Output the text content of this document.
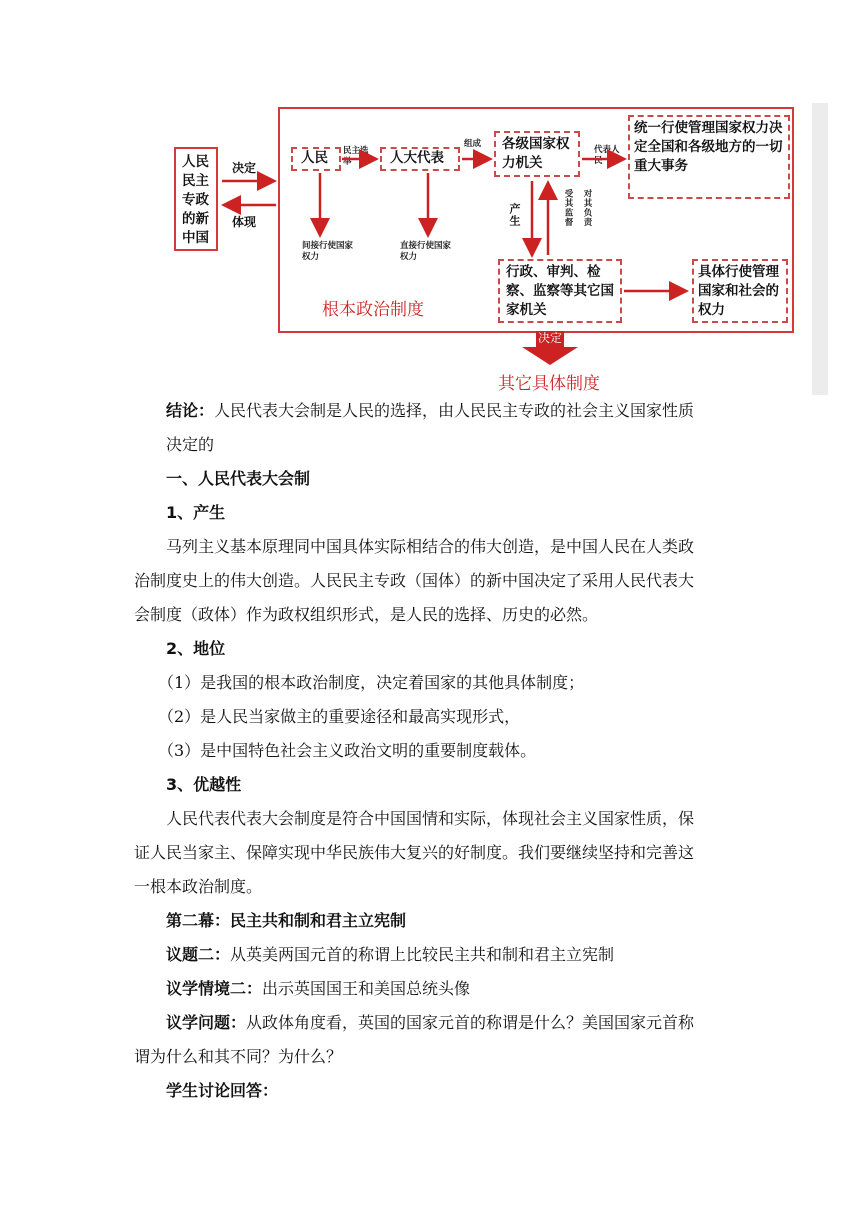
人民民主专政的新中国
决定
体现
人民	民主选举	人大代表
组成 各级国家权力机关
代表人民
统一行使管理国家权力决定全国和各级地方的一切重大事务
间接行使国家权力
直接行使国家权力
产生	受其监督 对其负责
行政、审判、检察、监察等其它国家机关
具体行使管理国家和社会的权力
根本政治制度
决定
其它具体制度
结论：人民代表大会制是人民的选择，由人民民主专政的社会主义国家性质
决定的
一、人民代表大会制
1、产生
马列主义基本原理同中国具体实际相结合的伟大创造，是中国人民在人类政
治制度史上的伟大创造。人民民主专政（国体）的新中国决定了采用人民代表大
会制度（政体）作为政权组织形式，是人民的选择、历史的必然。
2、地位
（1）是我国的根本政治制度，决定着国家的其他具体制度；
（2）是人民当家做主的重要途径和最高实现形式，
（3）是中国特色社会主义政治文明的重要制度载体。
3、优越性
人民代表代表大会制度是符合中国国情和实际，体现社会主义国家性质，保
证人民当家主、保障实现中华民族伟大复兴的好制度。我们要继续坚持和完善这
一根本政治制度。
第二幕：民主共和制和君主立宪制
议题二：从英美两国元首的称谓上比较民主共和制和君主立宪制
议学情境二：出示英国国王和美国总统头像
议学问题：从政体角度看，英国的国家元首的称谓是什么？美国国家元首称
谓为什么和其不同？为什么？
学生讨论回答：
